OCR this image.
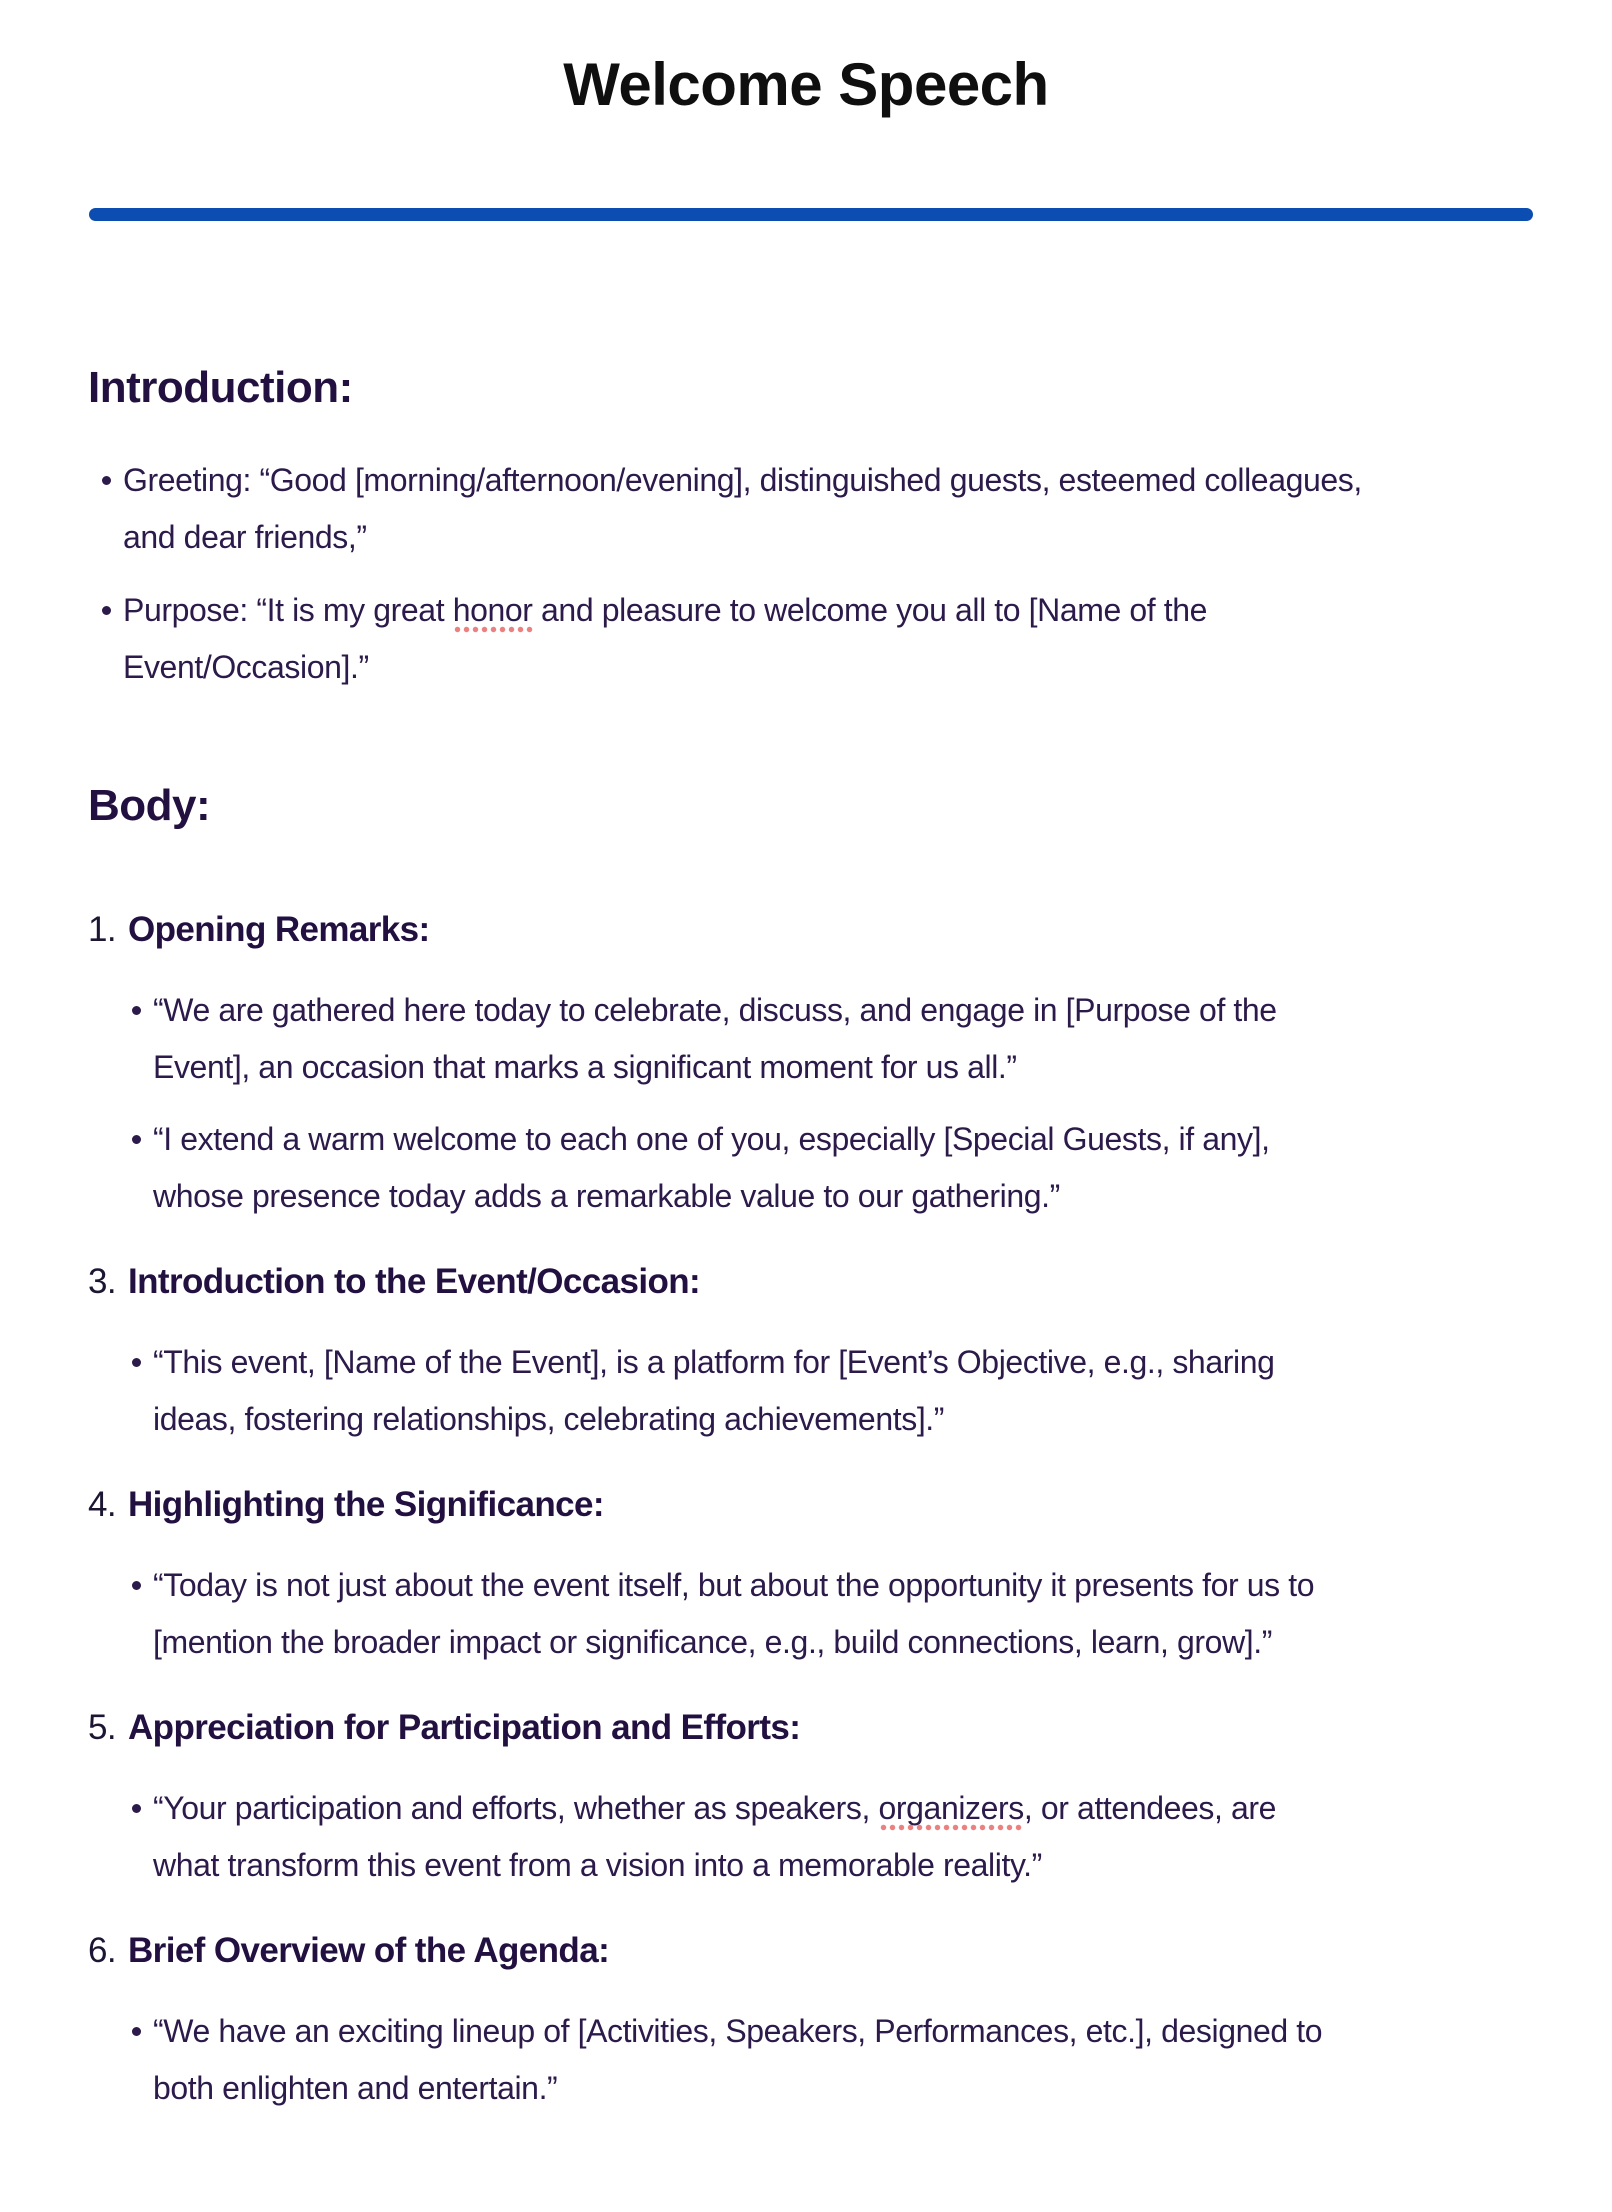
Welcome Speech
Introduction:
Greeting: “Good [morning/afternoon/evening], distinguished guests, esteemed colleagues,
and dear friends,”
Purpose: “It is my great honor and pleasure to welcome you all to [Name of the
Event/Occasion].”
Body:
1. Opening Remarks:
“We are gathered here today to celebrate, discuss, and engage in [Purpose of the
Event], an occasion that marks a significant moment for us all.”
“I extend a warm welcome to each one of you, especially [Special Guests, if any],
whose presence today adds a remarkable value to our gathering.”
3. Introduction to the Event/Occasion:
“This event, [Name of the Event], is a platform for [Event’s Objective, e.g., sharing
ideas, fostering relationships, celebrating achievements].”
4. Highlighting the Significance:
“Today is not just about the event itself, but about the opportunity it presents for us to
[mention the broader impact or significance, e.g., build connections, learn, grow].”
5. Appreciation for Participation and Efforts:
“Your participation and efforts, whether as speakers, organizers, or attendees, are
what transform this event from a vision into a memorable reality.”
6. Brief Overview of the Agenda:
“We have an exciting lineup of [Activities, Speakers, Performances, etc.], designed to
both enlighten and entertain.”
